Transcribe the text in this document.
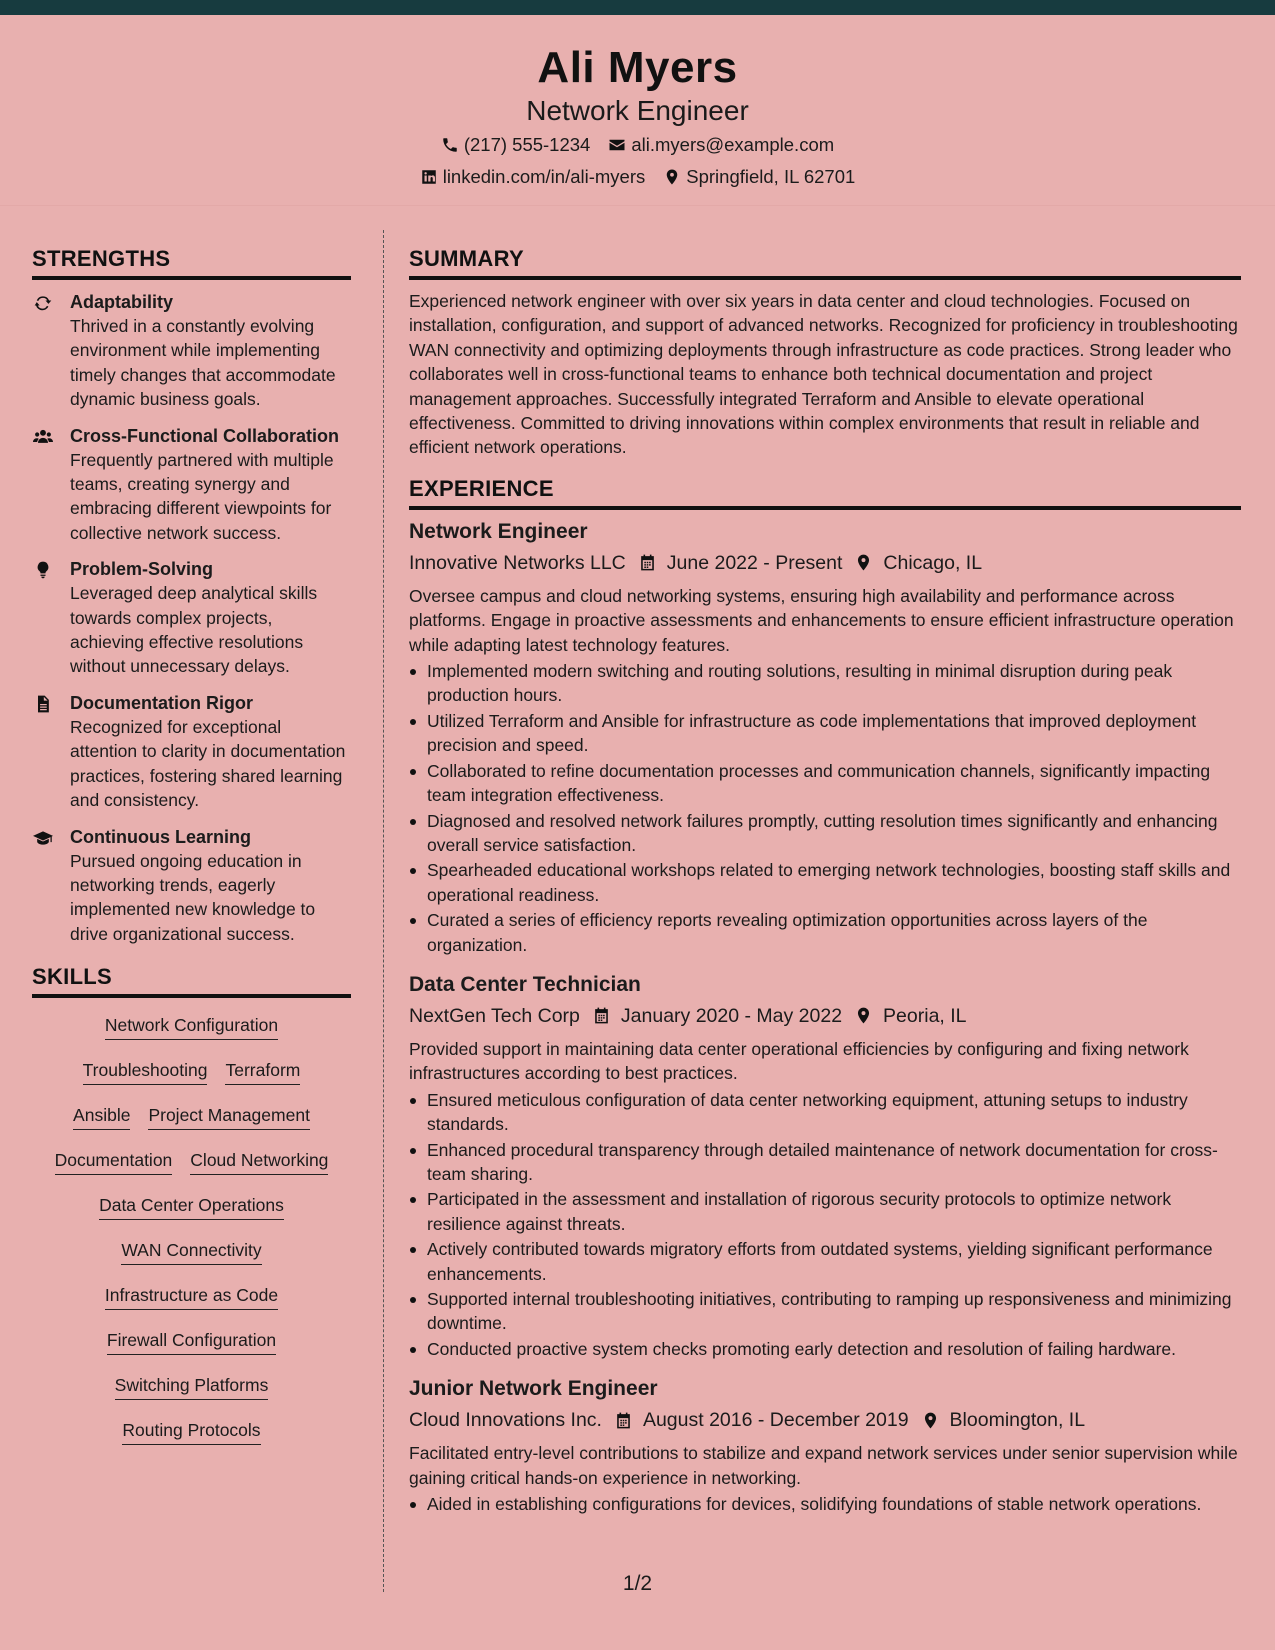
Ali Myers
Network Engineer
(217) 555-1234 ali.myers@example.com
linkedin.com/in/ali-myers Springfield, IL 62701
STRENGTHS
Adaptability
Thrived in a constantly evolving environment while implementing timely changes that accommodate dynamic business goals.
Cross-Functional Collaboration
Frequently partnered with multiple teams, creating synergy and embracing different viewpoints for collective network success.
Problem-Solving
Leveraged deep analytical skills towards complex projects, achieving effective resolutions without unnecessary delays.
Documentation Rigor
Recognized for exceptional attention to clarity in documentation practices, fostering shared learning and consistency.
Continuous Learning
Pursued ongoing education in networking trends, eagerly implemented new knowledge to drive organizational success.
SKILLS
Network Configuration
Troubleshooting Terraform
Ansible Project Management
Documentation Cloud Networking
Data Center Operations
WAN Connectivity
Infrastructure as Code
Firewall Configuration
Switching Platforms
Routing Protocols
SUMMARY

Experienced network engineer with over six years in data center and cloud technologies. Focused on installation, configuration, and support of advanced networks. Recognized for proficiency in troubleshooting WAN connectivity and optimizing deployments through infrastructure as code practices. Strong leader who collaborates well in cross-functional teams to enhance both technical documentation and project management approaches. Successfully integrated Terraform and Ansible to elevate operational effectiveness. Committed to driving innovations within complex environments that result in reliable and efficient network operations.

EXPERIENCE
Network Engineer
Innovative Networks LLC June 2022 - Present Chicago, IL

Oversee campus and cloud networking systems, ensuring high availability and performance across platforms. Engage in proactive assessments and enhancements to ensure efficient infrastructure operation while adapting latest technology features.

Implemented modern switching and routing solutions, resulting in minimal disruption during peak production hours.
Utilized Terraform and Ansible for infrastructure as code implementations that improved deployment precision and speed.
Collaborated to refine documentation processes and communication channels, significantly impacting team integration effectiveness.
Diagnosed and resolved network failures promptly, cutting resolution times significantly and enhancing overall service satisfaction.
Spearheaded educational workshops related to emerging network technologies, boosting staff skills and operational readiness.
Curated a series of efficiency reports revealing optimization opportunities across layers of the organization.
Data Center Technician
NextGen Tech Corp January 2020 - May 2022 Peoria, IL

Provided support in maintaining data center operational efficiencies by configuring and fixing network infrastructures according to best practices.

Ensured meticulous configuration of data center networking equipment, attuning setups to industry standards.
Enhanced procedural transparency through detailed maintenance of network documentation for cross-team sharing.
Participated in the assessment and installation of rigorous security protocols to optimize network resilience against threats.
Actively contributed towards migratory efforts from outdated systems, yielding significant performance enhancements.
Supported internal troubleshooting initiatives, contributing to ramping up responsiveness and minimizing downtime.
Conducted proactive system checks promoting early detection and resolution of failing hardware.
Junior Network Engineer
Cloud Innovations Inc. August 2016 - December 2019 Bloomington, IL

Facilitated entry-level contributions to stabilize and expand network services under senior supervision while gaining critical hands-on experience in networking.

Aided in establishing configurations for devices, solidifying foundations of stable network operations.
1/2
